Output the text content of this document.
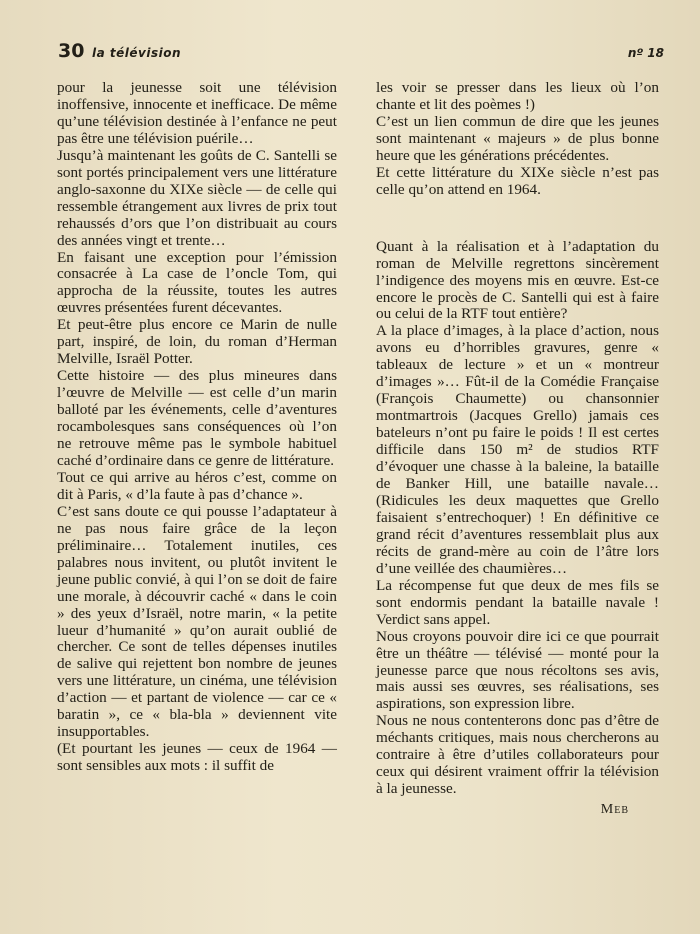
30 la télévision	nº 18

pour la jeunesse soit une télévision inoffensive, innocente et inefficace. De même qu’une télévision destinée à l’enfance ne peut pas être une télévision puérile…

Jusqu’à maintenant les goûts de C. Santelli se sont portés principalement vers une littérature anglo-saxonne du XIXe siècle — de celle qui ressemble étrangement aux livres de prix tout rehaussés d’ors que l’on distribuait au cours des années vingt et trente…

En faisant une exception pour l’émission consacrée à La case de l’oncle Tom, qui approcha de la réussite, toutes les autres œuvres présentées furent décevantes.

Et peut-être plus encore ce Marin de nulle part, inspiré, de loin, du roman d’Herman Melville, Israël Potter.

Cette histoire — des plus mineures dans l’œuvre de Melville — est celle d’un marin balloté par les événements, celle d’aventures rocambolesques sans conséquences où l’on ne retrouve même pas le symbole habituel caché d’ordinaire dans ce genre de littérature.

Tout ce qui arrive au héros c’est, comme on dit à Paris, « d’la faute à pas d’chance ».

C’est sans doute ce qui pousse l’adaptateur à ne pas nous faire grâce de la leçon préliminaire… Totalement inutiles, ces palabres nous invitent, ou plutôt invitent le jeune public convié, à qui l’on se doit de faire une morale, à découvrir caché « dans le coin » des yeux d’Israël, notre marin, « la petite lueur d’humanité » qu’on aurait oublié de chercher. Ce sont de telles dépenses inutiles de salive qui rejettent bon nombre de jeunes vers une littérature, un cinéma, une télévision d’action — et partant de violence — car ce « baratin », ce « bla-bla » deviennent vite insupportables.

(Et pourtant les jeunes — ceux de 1964 — sont sensibles aux mots : il suffit de

les voir se presser dans les lieux où l’on chante et lit des poèmes !)

C’est un lien commun de dire que les jeunes sont maintenant « majeurs » de plus bonne heure que les générations précédentes.

Et cette littérature du XIXe siècle n’est pas celle qu’on attend en 1964.

Quant à la réalisation et à l’adaptation du roman de Melville regrettons sincèrement l’indigence des moyens mis en œuvre. Est-ce encore le procès de C. Santelli qui est à faire ou celui de la RTF tout entière?

A la place d’images, à la place d’action, nous avons eu d’horribles gravures, genre « tableaux de lecture » et un « montreur d’images »… Fût-il de la Comédie Française (François Chaumette) ou chansonnier montmartrois (Jacques Grello) jamais ces bateleurs n’ont pu faire le poids ! Il est certes difficile dans 150 m² de studios RTF d’évoquer une chasse à la baleine, la bataille de Banker Hill, une bataille navale… (Ridicules les deux maquettes que Grello faisaient s’entrechoquer) ! En définitive ce grand récit d’aventures ressemblait plus aux récits de grand-mère au coin de l’âtre lors d’une veillée des chaumières…

La récompense fut que deux de mes fils se sont endormis pendant la bataille navale ! Verdict sans appel.

Nous croyons pouvoir dire ici ce que pourrait être un théâtre — télévisé — monté pour la jeunesse parce que nous récoltons ses avis, mais aussi ses œuvres, ses réalisations, ses aspirations, son expression libre.

Nous ne nous contenterons donc pas d’être de méchants critiques, mais nous chercherons au contraire à être d’utiles collaborateurs pour ceux qui désirent vraiment offrir la télévision à la jeunesse.

Meb
